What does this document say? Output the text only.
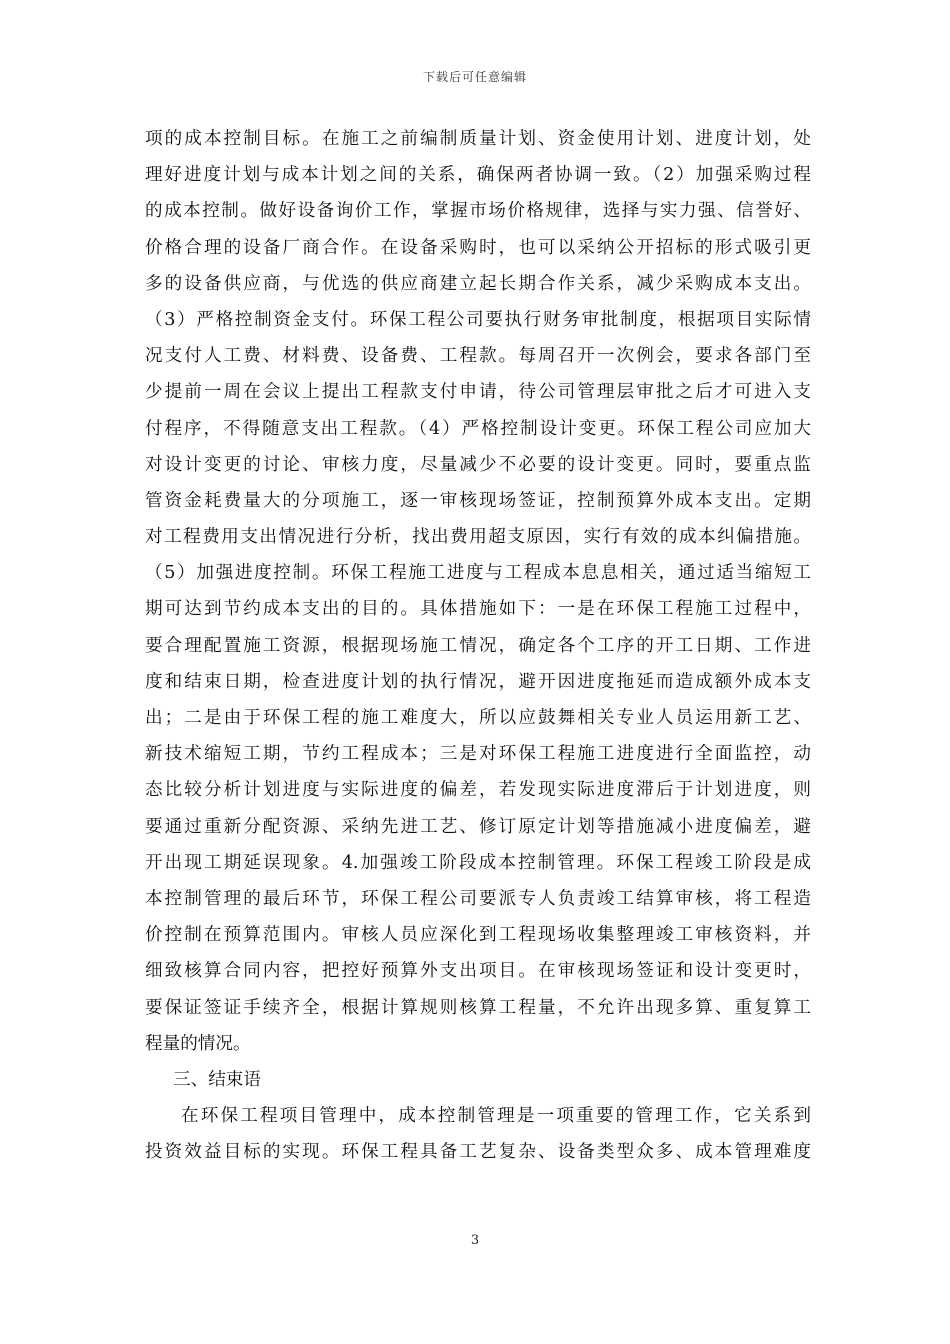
下载后可任意编辑
项的成本控制目标。在施工之前编制质量计划、资金使用计划、进度计划，处
理好进度计划与成本计划之间的关系，确保两者协调一致。（2）加强采购过程
的成本控制。做好设备询价工作，掌握市场价格规律，选择与实力强、信誉好、
价格合理的设备厂商合作。在设备采购时，也可以采纳公开招标的形式吸引更
多的设备供应商，与优选的供应商建立起长期合作关系，减少采购成本支出。
（3）严格控制资金支付。环保工程公司要执行财务审批制度，根据项目实际情
况支付人工费、材料费、设备费、工程款。每周召开一次例会，要求各部门至
少提前一周在会议上提出工程款支付申请，待公司管理层审批之后才可进入支
付程序，不得随意支出工程款。（4）严格控制设计变更。环保工程公司应加大
对设计变更的讨论、审核力度，尽量减少不必要的设计变更。同时，要重点监
管资金耗费量大的分项施工，逐一审核现场签证，控制预算外成本支出。定期
对工程费用支出情况进行分析，找出费用超支原因，实行有效的成本纠偏措施。
（5）加强进度控制。环保工程施工进度与工程成本息息相关，通过适当缩短工
期可达到节约成本支出的目的。具体措施如下：一是在环保工程施工过程中，
要合理配置施工资源，根据现场施工情况，确定各个工序的开工日期、工作进
度和结束日期，检查进度计划的执行情况，避开因进度拖延而造成额外成本支
出；二是由于环保工程的施工难度大，所以应鼓舞相关专业人员运用新工艺、
新技术缩短工期，节约工程成本；三是对环保工程施工进度进行全面监控，动
态比较分析计划进度与实际进度的偏差，若发现实际进度滞后于计划进度，则
要通过重新分配资源、采纳先进工艺、修订原定计划等措施减小进度偏差，避
开出现工期延误现象。4.加强竣工阶段成本控制管理。环保工程竣工阶段是成
本控制管理的最后环节，环保工程公司要派专人负责竣工结算审核，将工程造
价控制在预算范围内。审核人员应深化到工程现场收集整理竣工审核资料，并
细致核算合同内容，把控好预算外支出项目。在审核现场签证和设计变更时，
要保证签证手续齐全，根据计算规则核算工程量，不允许出现多算、重复算工
程量的情况。
三、结束语
在环保工程项目管理中，成本控制管理是一项重要的管理工作，它关系到
投资效益目标的实现。环保工程具备工艺复杂、设备类型众多、成本管理难度
3
